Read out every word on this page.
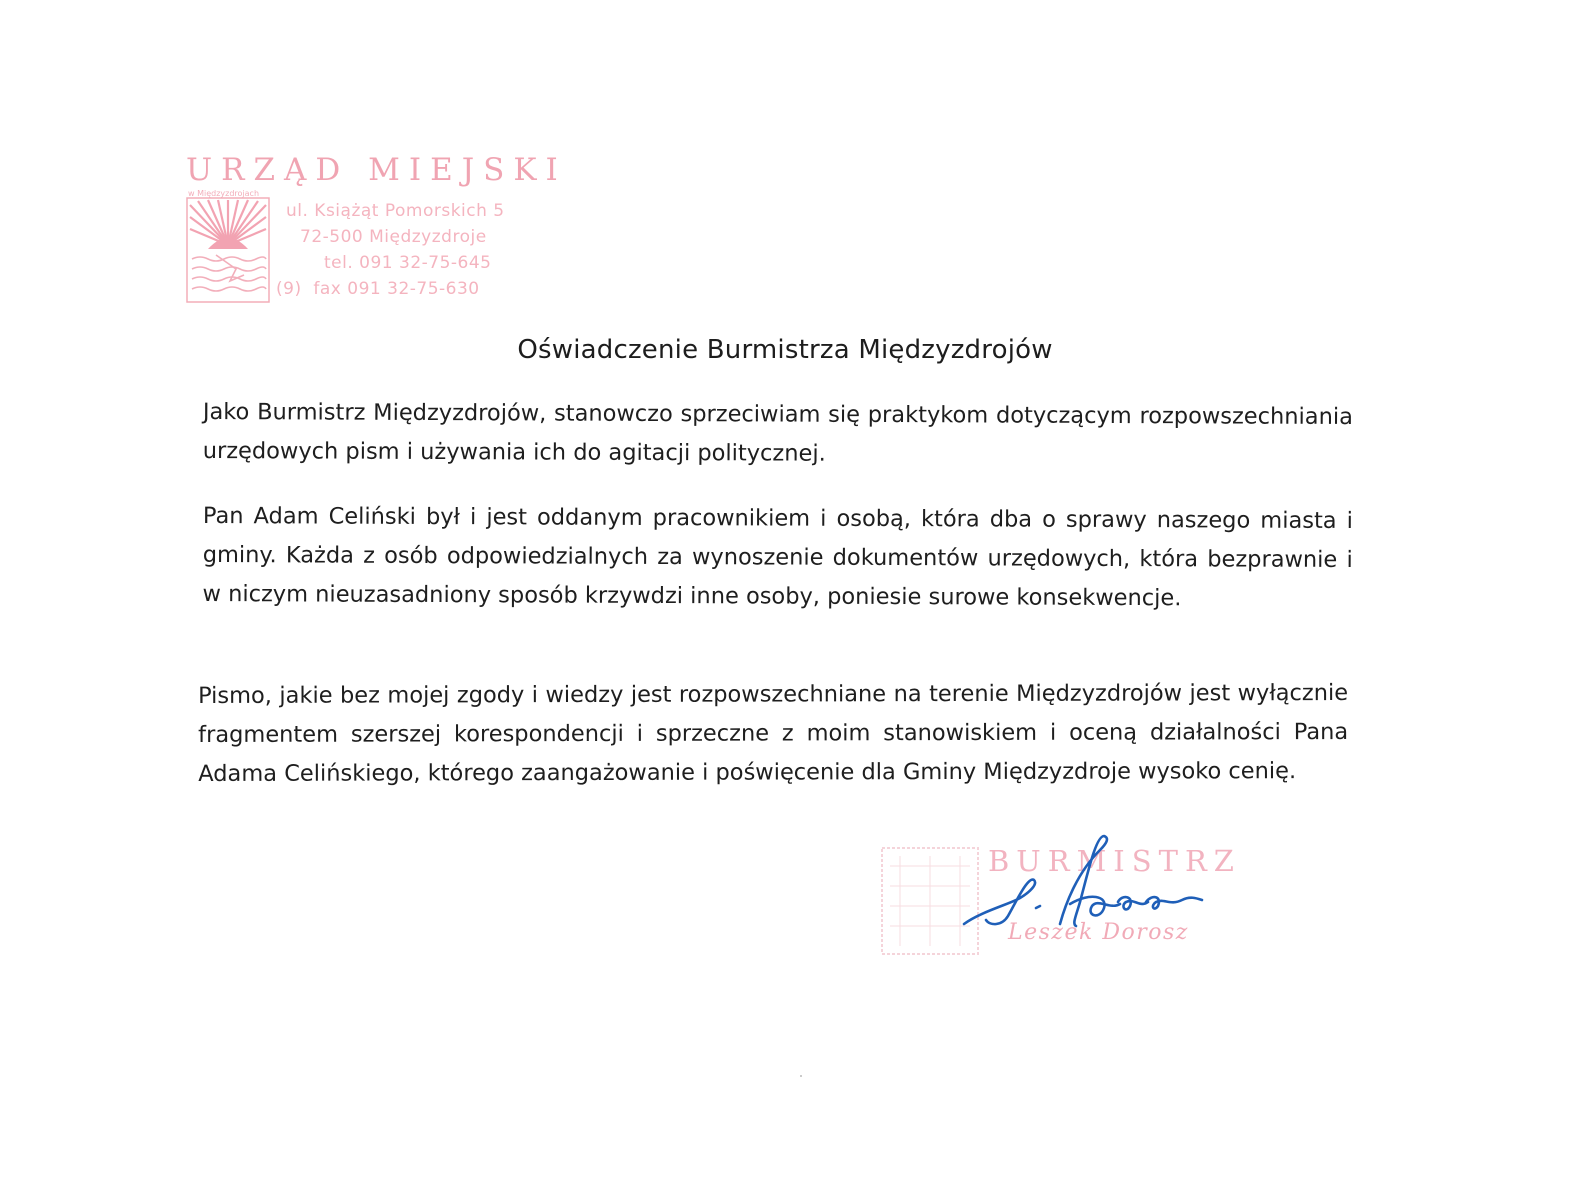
URZĄD MIEJSKI
w Międzyzdrojach
ul. Książąt Pomorskich 5
72-500 Międzyzdroje
tel. 091 32-75-645
(9) fax 091 32-75-630
Oświadczenie Burmistrza Międzyzdrojów
Jako Burmistrz Międzyzdrojów, stanowczo sprzeciwiam się praktykom dotyczącym rozpowszechniania urzędowych pism i używania ich do agitacji politycznej.
Pan Adam Celiński był i jest oddanym pracownikiem i osobą, która dba o sprawy naszego miasta i gminy. Każda z osób odpowiedzialnych za wynoszenie dokumentów urzędowych, która bezprawnie i w niczym nieuzasadniony sposób krzywdzi inne osoby, poniesie surowe konsekwencje.
Pismo, jakie bez mojej zgody i wiedzy jest rozpowszechniane na terenie Międzyzdrojów jest wyłącznie fragmentem szerszej korespondencji i sprzeczne z moim stanowiskiem i oceną działalności Pana Adama Celińskiego, którego zaangażowanie i poświęcenie dla Gminy Międzyzdroje wysoko cenię.
BURMISTRZ
Leszek Dorosz
